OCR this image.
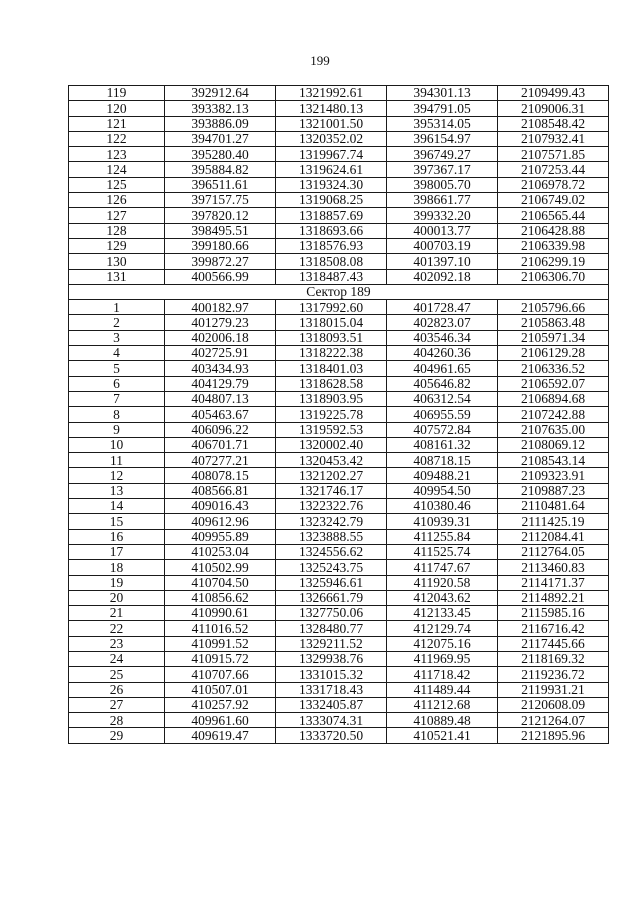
199
119	392912.64	1321992.61	394301.13	2109499.43
120	393382.13	1321480.13	394791.05	2109006.31
121	393886.09	1321001.50	395314.05	2108548.42
122	394701.27	1320352.02	396154.97	2107932.41
123	395280.40	1319967.74	396749.27	2107571.85
124	395884.82	1319624.61	397367.17	2107253.44
125	396511.61	1319324.30	398005.70	2106978.72
126	397157.75	1319068.25	398661.77	2106749.02
127	397820.12	1318857.69	399332.20	2106565.44
128	398495.51	1318693.66	400013.77	2106428.88
129	399180.66	1318576.93	400703.19	2106339.98
130	399872.27	1318508.08	401397.10	2106299.19
131	400566.99	1318487.43	402092.18	2106306.70
Сектор 189				
1	400182.97	1317992.60	401728.47	2105796.66
2	401279.23	1318015.04	402823.07	2105863.48
3	402006.18	1318093.51	403546.34	2105971.34
4	402725.91	1318222.38	404260.36	2106129.28
5	403434.93	1318401.03	404961.65	2106336.52
6	404129.79	1318628.58	405646.82	2106592.07
7	404807.13	1318903.95	406312.54	2106894.68
8	405463.67	1319225.78	406955.59	2107242.88
9	406096.22	1319592.53	407572.84	2107635.00
10	406701.71	1320002.40	408161.32	2108069.12
11	407277.21	1320453.42	408718.15	2108543.14
12	408078.15	1321202.27	409488.21	2109323.91
13	408566.81	1321746.17	409954.50	2109887.23
14	409016.43	1322322.76	410380.46	2110481.64
15	409612.96	1323242.79	410939.31	2111425.19
16	409955.89	1323888.55	411255.84	2112084.41
17	410253.04	1324556.62	411525.74	2112764.05
18	410502.99	1325243.75	411747.67	2113460.83
19	410704.50	1325946.61	411920.58	2114171.37
20	410856.62	1326661.79	412043.62	2114892.21
21	410990.61	1327750.06	412133.45	2115985.16
22	411016.52	1328480.77	412129.74	2116716.42
23	410991.52	1329211.52	412075.16	2117445.66
24	410915.72	1329938.76	411969.95	2118169.32
25	410707.66	1331015.32	411718.42	2119236.72
26	410507.01	1331718.43	411489.44	2119931.21
27	410257.92	1332405.87	411212.68	2120608.09
28	409961.60	1333074.31	410889.48	2121264.07
29	409619.47	1333720.50	410521.41	2121895.96
